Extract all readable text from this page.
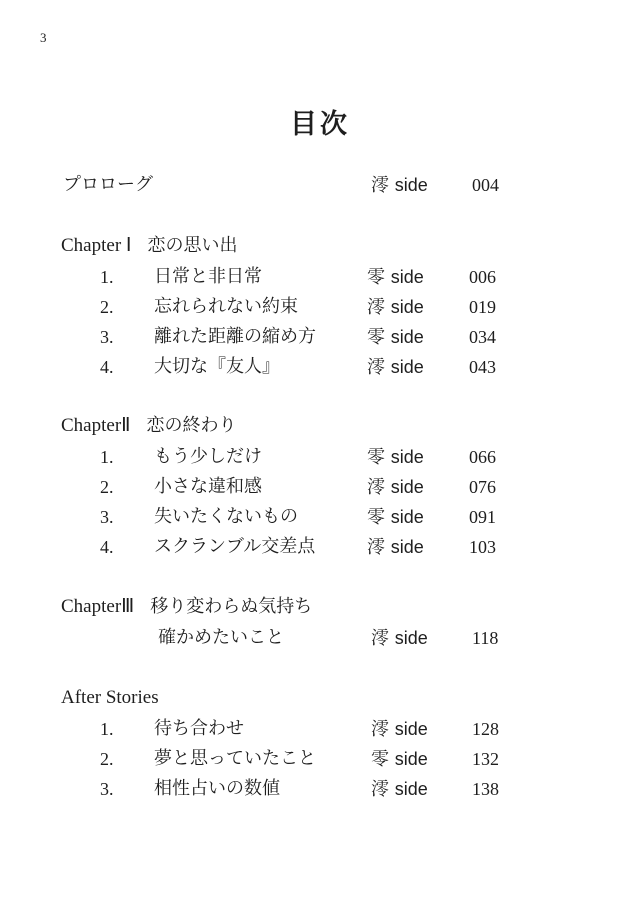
3
目次
プロローグ	澪 side 004
Chapter Ⅰ 恋の思い出
1. 日常と非日常	零 side	006
2. 忘れられない約束	澪 side	019
3. 離れた距離の縮め方	零 side	034
4. 大切な『友人』	澪 side	043
ChapterⅡ 恋の終わり
1. もう少しだけ	零 side	066
2. 小さな違和感	澪 side	076
3. 失いたくないもの	零 side	091
4. スクランブル交差点	澪 side	103
ChapterⅢ 移り変わらぬ気持ち
確かめたいこと	澪 side 118
After Stories
1. 待ち合わせ	澪 side 128
2. 夢と思っていたこと	零 side 132
3. 相性占いの数値	澪 side 138
